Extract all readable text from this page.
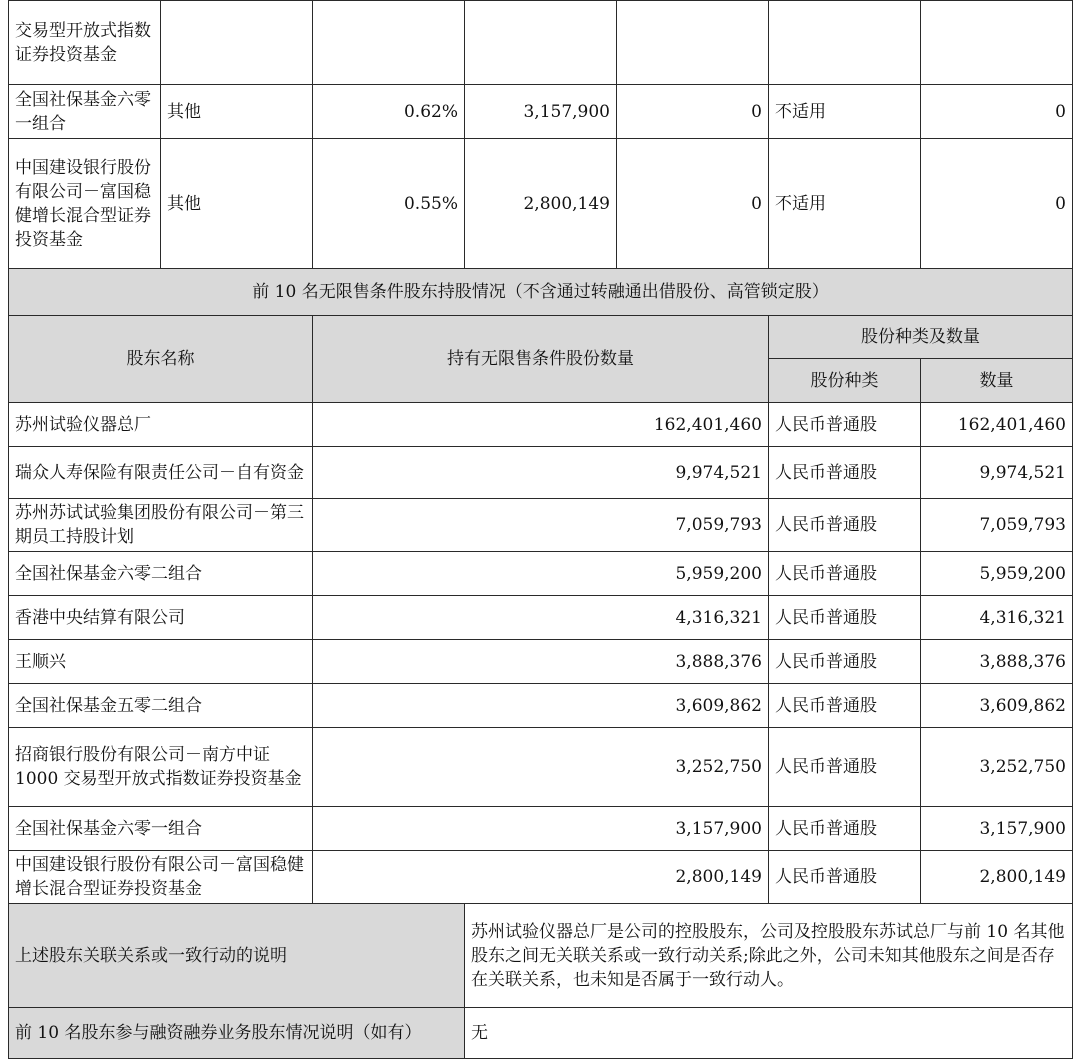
交易型开放式指数证券投资基金						
全国社保基金六零一组合	其他	0.62%	3,157,900	0	不适用	0
中国建设银行股份有限公司－富国稳健增长混合型证券投资基金	其他	0.55%	2,800,149	0	不适用	0
前 10 名无限售条件股东持股情况（不含通过转融通出借股份、高管锁定股）						
股东名称		持有无限售条件股份数量			股份种类及数量	
					股份种类	数量
苏州试验仪器总厂		162,401,460			人民币普通股	162,401,460
瑞众人寿保险有限责任公司－自有资金		9,974,521			人民币普通股	9,974,521
苏州苏试试验集团股份有限公司－第三期员工持股计划		7,059,793			人民币普通股	7,059,793
全国社保基金六零二组合		5,959,200			人民币普通股	5,959,200
香港中央结算有限公司		4,316,321			人民币普通股	4,316,321
王顺兴		3,888,376			人民币普通股	3,888,376
全国社保基金五零二组合		3,609,862			人民币普通股	3,609,862
招商银行股份有限公司－南方中证 1000 交易型开放式指数证券投资基金		3,252,750			人民币普通股	3,252,750
全国社保基金六零一组合		3,157,900			人民币普通股	3,157,900
中国建设银行股份有限公司－富国稳健增长混合型证券投资基金		2,800,149			人民币普通股	2,800,149
上述股东关联关系或一致行动的说明			苏州试验仪器总厂是公司的控股股东，公司及控股股东苏试总厂与前 10 名其他股东之间无关联关系或一致行动关系;除此之外，公司未知其他股东之间是否存在关联关系，也未知是否属于一致行动人。			
前 10 名股东参与融资融券业务股东情况说明（如有）			无			
